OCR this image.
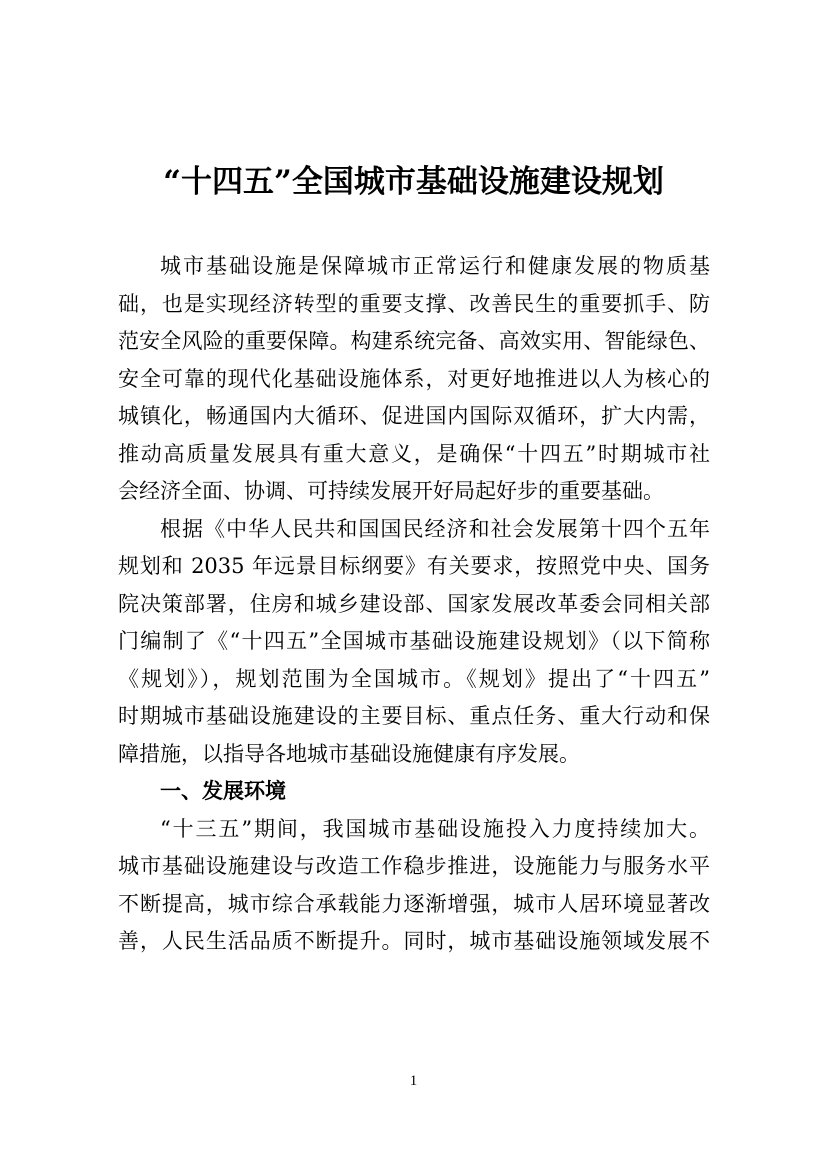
“十四五”全国城市基础设施建设规划
城市基础设施是保障城市正常运行和健康发展的物质基
础，也是实现经济转型的重要支撑、改善民生的重要抓手、防
范安全风险的重要保障。构建系统完备、高效实用、智能绿色、
安全可靠的现代化基础设施体系，对更好地推进以人为核心的
城镇化，畅通国内大循环、促进国内国际双循环，扩大内需，
推动高质量发展具有重大意义，是确保“十四五”时期城市社
会经济全面、协调、可持续发展开好局起好步的重要基础。
根据《中华人民共和国国民经济和社会发展第十四个五年
规划和 2035 年远景目标纲要》有关要求，按照党中央、国务
院决策部署，住房和城乡建设部、国家发展改革委会同相关部
门编制了《“十四五”全国城市基础设施建设规划》（以下简称
《规划》），规划范围为全国城市。《规划》提出了“十四五”
时期城市基础设施建设的主要目标、重点任务、重大行动和保
障措施，以指导各地城市基础设施健康有序发展。
一、发展环境
“十三五”期间，我国城市基础设施投入力度持续加大。
城市基础设施建设与改造工作稳步推进，设施能力与服务水平
不断提高，城市综合承载能力逐渐增强，城市人居环境显著改
善，人民生活品质不断提升。同时，城市基础设施领域发展不
1
